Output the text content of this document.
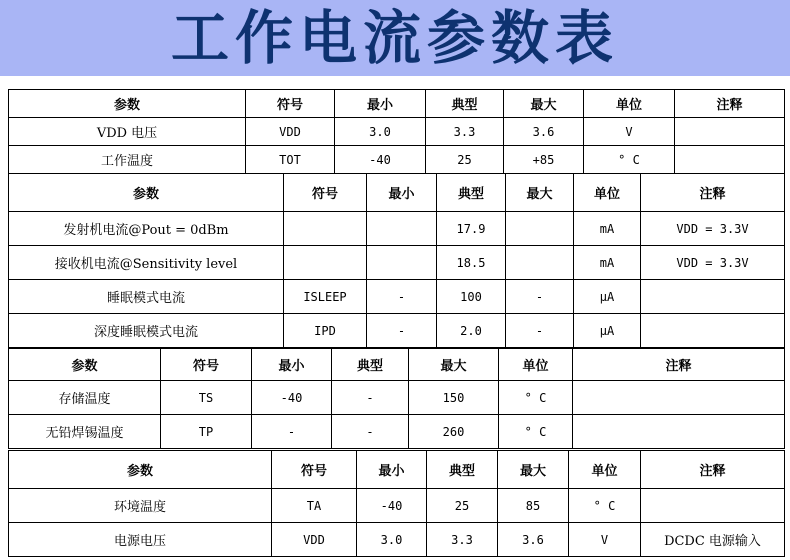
工作电流参数表
参数	符号	最小	典型	最大	单位	注释
VDD 电压	VDD	3.0	3.3	3.6	V	
工作温度	TOT	-40	25	+85	° C	
参数	符号	最小	典型	最大	单位	注释
发射机电流@Pout = 0dBm			17.9		mA	VDD = 3.3V
接收机电流@Sensitivity level			18.5		mA	VDD = 3.3V
睡眠模式电流	ISLEEP	-	100	-	μA	
深度睡眠模式电流	IPD	-	2.0	-	μA	
参数	符号	最小	典型	最大	单位	注释
存储温度	TS	-40	-	150	° C	
无铅焊锡温度	TP	-	-	260	° C	
参数	符号	最小	典型	最大	单位	注释
环境温度	TA	-40	25	85	° C	
电源电压	VDD	3.0	3.3	3.6	V	DCDC 电源输入
